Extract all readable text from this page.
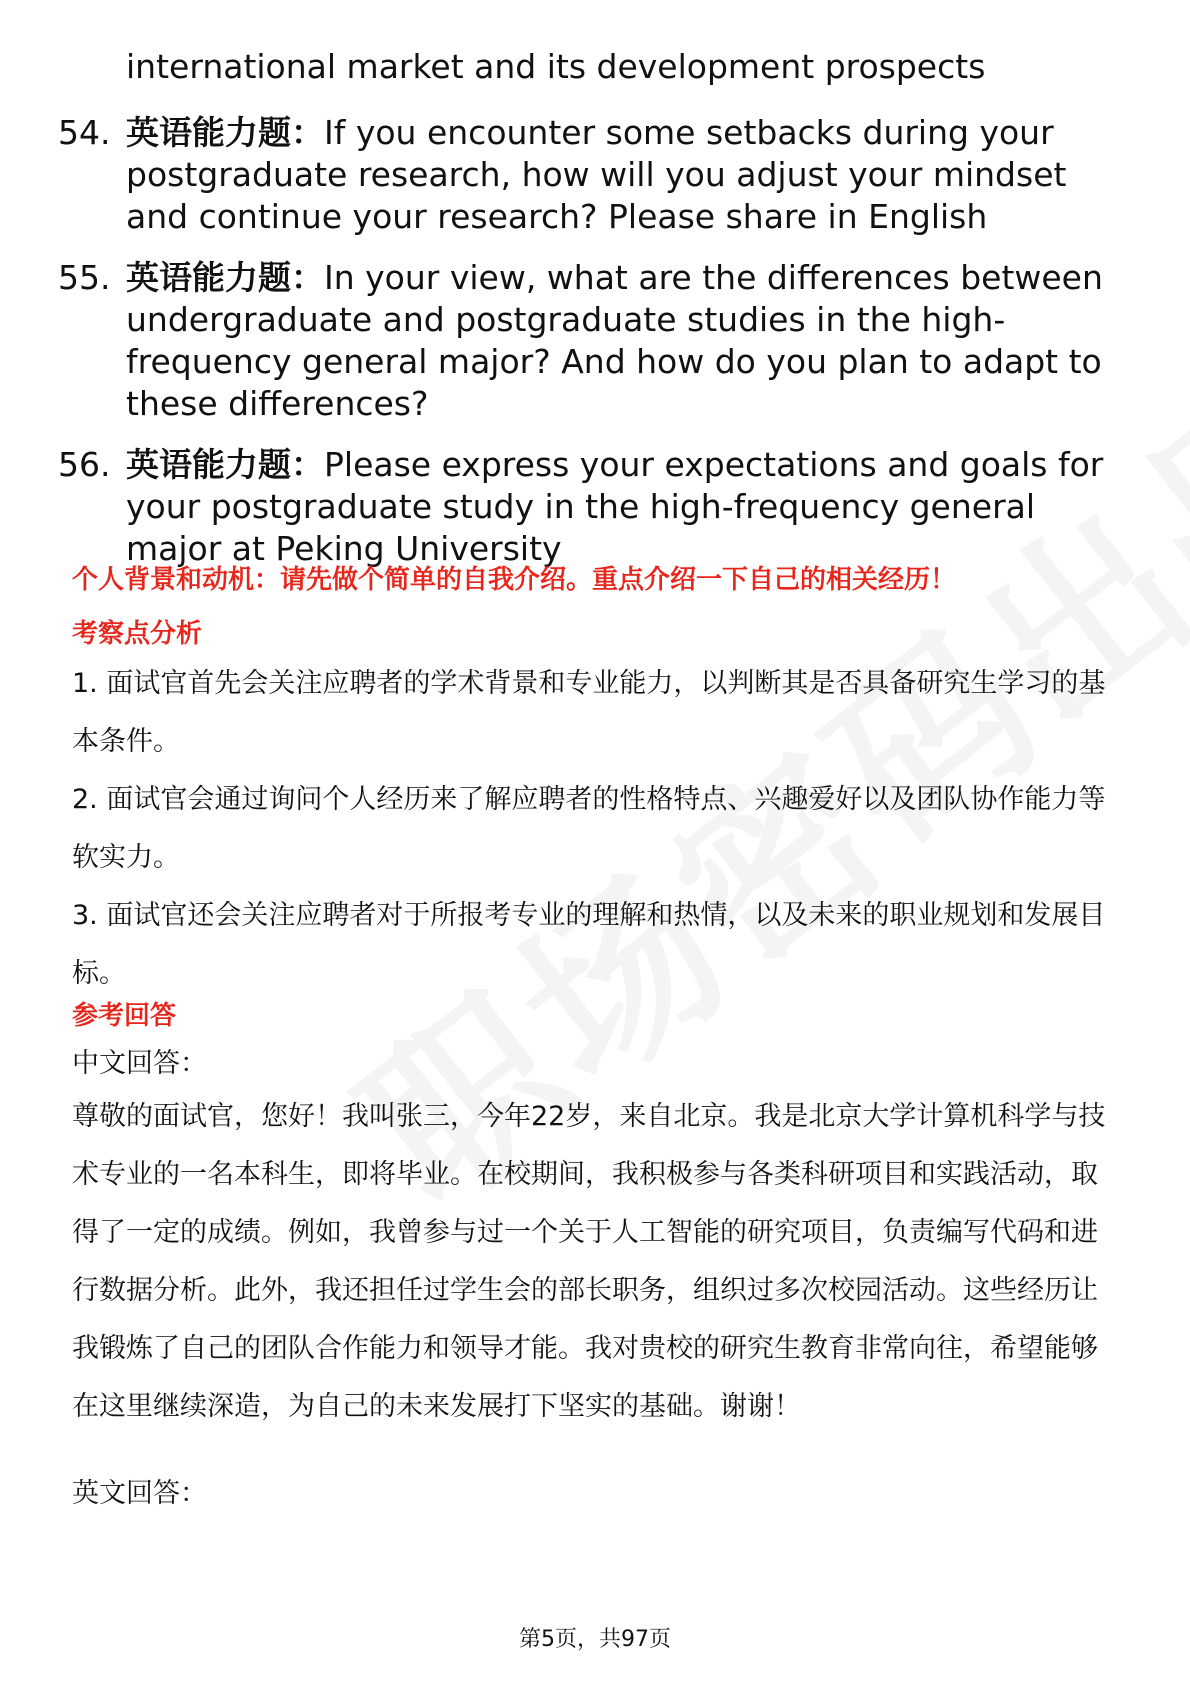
international market and its development prospects
54. 英语能力题：If you encounter some setbacks during your postgraduate research, how will you adjust your mindset and continue your research? Please share in English
55. 英语能力题：In your view, what are the differences between undergraduate and postgraduate studies in the high-frequency general major? And how do you plan to adapt to these differences?
56. 英语能力题：Please express your expectations and goals for your postgraduate study in the high-frequency general major at Peking University
个人背景和动机：请先做个简单的自我介绍。重点介绍一下自己的相关经历！
考察点分析
1. 面试官首先会关注应聘者的学术背景和专业能力，以判断其是否具备研究生学习的基本条件。
2. 面试官会通过询问个人经历来了解应聘者的性格特点、兴趣爱好以及团队协作能力等软实力。
3. 面试官还会关注应聘者对于所报考专业的理解和热情，以及未来的职业规划和发展目标。
参考回答
中文回答：
尊敬的面试官，您好！我叫张三，今年22岁，来自北京。我是北京大学计算机科学与技术专业的一名本科生，即将毕业。在校期间，我积极参与各类科研项目和实践活动，取得了一定的成绩。例如，我曾参与过一个关于人工智能的研究项目，负责编写代码和进行数据分析。此外，我还担任过学生会的部长职务，组织过多次校园活动。这些经历让我锻炼了自己的团队合作能力和领导才能。我对贵校的研究生教育非常向往，希望能够在这里继续深造，为自己的未来发展打下坚实的基础。谢谢！
英文回答：
第5页，共97页
